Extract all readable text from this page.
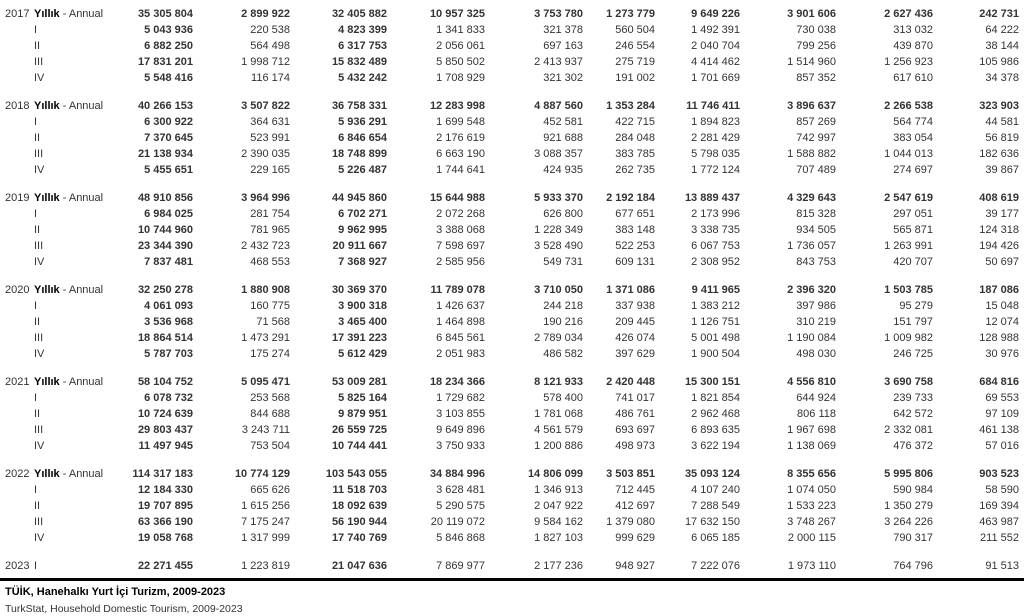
2017	Yıllık - Annual	35 305 804	2 899 922	32 405 882	10 957 325	3 753 780	1 273 779	9 649 226	3 901 606	2 627 436	242 731
	I	5 043 936	220 538	4 823 399	1 341 833	321 378	560 504	1 492 391	730 038	313 032	64 222
	II	6 882 250	564 498	6 317 753	2 056 061	697 163	246 554	2 040 704	799 256	439 870	38 144
	III	17 831 201	1 998 712	15 832 489	5 850 502	2 413 937	275 719	4 414 462	1 514 960	1 256 923	105 986
	IV	5 548 416	116 174	5 432 242	1 708 929	321 302	191 002	1 701 669	857 352	617 610	34 378

2018	Yıllık - Annual	40 266 153	3 507 822	36 758 331	12 283 998	4 887 560	1 353 284	11 746 411	3 896 637	2 266 538	323 903
	I	6 300 922	364 631	5 936 291	1 699 548	452 581	422 715	1 894 823	857 269	564 774	44 581
	II	7 370 645	523 991	6 846 654	2 176 619	921 688	284 048	2 281 429	742 997	383 054	56 819
	III	21 138 934	2 390 035	18 748 899	6 663 190	3 088 357	383 785	5 798 035	1 588 882	1 044 013	182 636
	IV	5 455 651	229 165	5 226 487	1 744 641	424 935	262 735	1 772 124	707 489	274 697	39 867

2019	Yıllık - Annual	48 910 856	3 964 996	44 945 860	15 644 988	5 933 370	2 192 184	13 889 437	4 329 643	2 547 619	408 619
	I	6 984 025	281 754	6 702 271	2 072 268	626 800	677 651	2 173 996	815 328	297 051	39 177
	II	10 744 960	781 965	9 962 995	3 388 068	1 228 349	383 148	3 338 735	934 505	565 871	124 318
	III	23 344 390	2 432 723	20 911 667	7 598 697	3 528 490	522 253	6 067 753	1 736 057	1 263 991	194 426
	IV	7 837 481	468 553	7 368 927	2 585 956	549 731	609 131	2 308 952	843 753	420 707	50 697

2020	Yıllık - Annual	32 250 278	1 880 908	30 369 370	11 789 078	3 710 050	1 371 086	9 411 965	2 396 320	1 503 785	187 086
	I	4 061 093	160 775	3 900 318	1 426 637	244 218	337 938	1 383 212	397 986	95 279	15 048
	II	3 536 968	71 568	3 465 400	1 464 898	190 216	209 445	1 126 751	310 219	151 797	12 074
	III	18 864 514	1 473 291	17 391 223	6 845 561	2 789 034	426 074	5 001 498	1 190 084	1 009 982	128 988
	IV	5 787 703	175 274	5 612 429	2 051 983	486 582	397 629	1 900 504	498 030	246 725	30 976

2021	Yıllık - Annual	58 104 752	5 095 471	53 009 281	18 234 366	8 121 933	2 420 448	15 300 151	4 556 810	3 690 758	684 816
	I	6 078 732	253 568	5 825 164	1 729 682	578 400	741 017	1 821 854	644 924	239 733	69 553
	II	10 724 639	844 688	9 879 951	3 103 855	1 781 068	486 761	2 962 468	806 118	642 572	97 109
	III	29 803 437	3 243 711	26 559 725	9 649 896	4 561 579	693 697	6 893 635	1 967 698	2 332 081	461 138
	IV	11 497 945	753 504	10 744 441	3 750 933	1 200 886	498 973	3 622 194	1 138 069	476 372	57 016

2022	Yıllık - Annual	114 317 183	10 774 129	103 543 055	34 884 996	14 806 099	3 503 851	35 093 124	8 355 656	5 995 806	903 523
	I	12 184 330	665 626	11 518 703	3 628 481	1 346 913	712 445	4 107 240	1 074 050	590 984	58 590
	II	19 707 895	1 615 256	18 092 639	5 290 575	2 047 922	412 697	7 288 549	1 533 223	1 350 279	169 394
	III	63 366 190	7 175 247	56 190 944	20 119 072	9 584 162	1 379 080	17 632 150	3 748 267	3 264 226	463 987
	IV	19 058 768	1 317 999	17 740 769	5 846 868	1 827 103	999 629	6 065 185	2 000 115	790 317	211 552

2023	I	22 271 455	1 223 819	21 047 636	7 869 977	2 177 236	948 927	7 222 076	1 973 110	764 796	91 513
TÜİK, Hanehalkı Yurt İçi Turizm, 2009-2023
TurkStat, Household Domestic Tourism, 2009-2023
